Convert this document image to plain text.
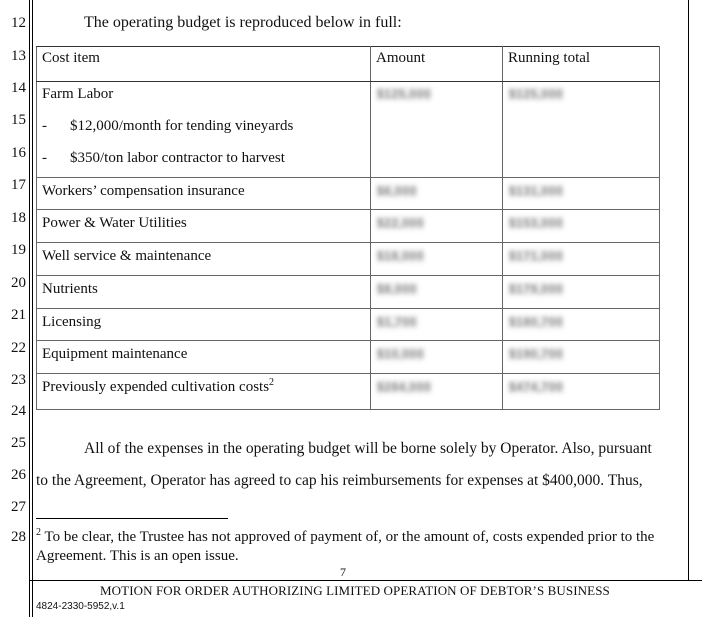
12
13
14
15
16
17
18
19
20
21
22
23
24
25
26
27
28
The operating budget is reproduced below in full:
Cost item	Amount	Running total
Farm Labor	$125,000	$125,000
- $12,000/month for tending vineyards		
- $350/ton labor contractor to harvest		
Workers’ compensation insurance	$6,000	$131,000
Power & Water Utilities	$22,000	$153,000
Well service & maintenance	$18,000	$171,000
Nutrients	$8,000	$179,000
Licensing	$1,700	$180,700
Equipment maintenance	$10,000	$190,700
Previously expended cultivation costs$^2$	$284,000	$474,700
All of the expenses in the operating budget will be borne solely by Operator. Also, pursuant
to the Agreement, Operator has agreed to cap his reimbursements for expenses at $400,000. Thus,
$^2$ To be clear, the Trustee has not approved of payment of, or the amount of, costs expended prior to the Agreement. This is an open issue.
7
MOTION FOR ORDER AUTHORIZING LIMITED OPERATION OF DEBTOR’S BUSINESS
4824-2330-5952,v.1
